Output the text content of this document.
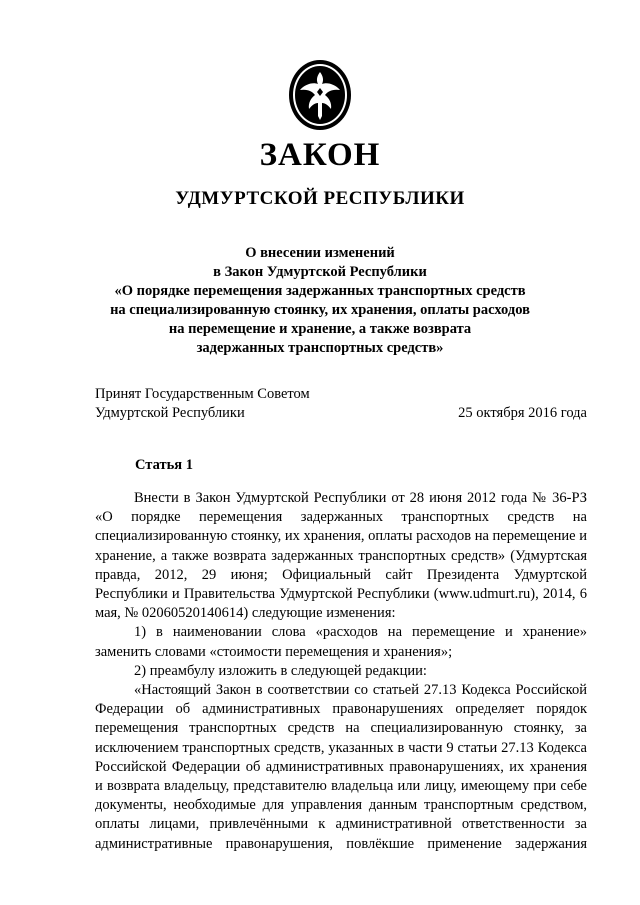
ЗАКОН
УДМУРТСКОЙ РЕСПУБЛИКИ
О внесении изменений
в Закон Удмуртской Республики
«О порядке перемещения задержанных транспортных средств
на специализированную стоянку, их хранения, оплаты расходов
на перемещение и хранение, а также возврата
задержанных транспортных средств»
Принят Государственным Советом
Удмуртской Республики	25 октября 2016 года
Статья 1

Внести в Закон Удмуртской Республики от 28 июня 2012 года № 36-РЗ «О порядке перемещения задержанных транспортных средств на специализированную стоянку, их хранения, оплаты расходов на перемещение и хранение, а также возврата задержанных транспортных средств» (Удмуртская правда, 2012, 29 июня; Официальный сайт Президента Удмуртской Республики и Правительства Удмуртской Республики (www.udmurt.ru), 2014, 6 мая, № 02060520140614) следующие изменения:

1) в наименовании слова «расходов на перемещение и хранение» заменить словами «стоимости перемещения и хранения»;

2) преамбулу изложить в следующей редакции:

«Настоящий Закон в соответствии со статьей 27.13 Кодекса Российской Федерации об административных правонарушениях определяет порядок перемещения транспортных средств на специализированную стоянку, за исключением транспортных средств, указанных в части 9 статьи 27.13 Кодекса Российской Федерации об административных правонарушениях, их хранения и возврата владельцу, представителю владельца или лицу, имеющему при себе документы, необходимые для управления данным транспортным средством, оплаты лицами, привлечёнными к административной ответственности за административные правонарушения, повлёкшие применение задержания
